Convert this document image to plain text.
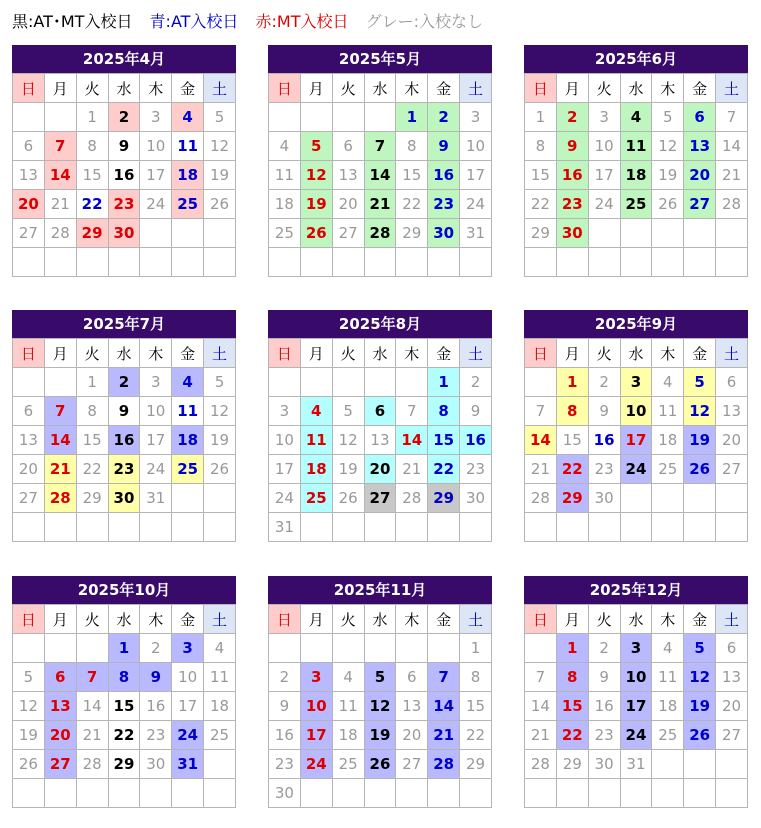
黒:AT･MT入校日 青:AT入校日 赤:MT入校日 グレー:入校なし
2025年4月
日	月	火	水	木	金	土
		1	2	3	4	5
6	7	8	9	10	11	12
13	14	15	16	17	18	19
20	21	22	23	24	25	26
27	28	29	30			

2025年5月
日	月	火	水	木	金	土
				1	2	3
4	5	6	7	8	9	10
11	12	13	14	15	16	17
18	19	20	21	22	23	24
25	26	27	28	29	30	31

2025年6月
日	月	火	水	木	金	土
1	2	3	4	5	6	7
8	9	10	11	12	13	14
15	16	17	18	19	20	21
22	23	24	25	26	27	28
29	30					

2025年7月
日	月	火	水	木	金	土
		1	2	3	4	5
6	7	8	9	10	11	12
13	14	15	16	17	18	19
20	21	22	23	24	25	26
27	28	29	30	31		

2025年8月
日	月	火	水	木	金	土
					1	2
3	4	5	6	7	8	9
10	11	12	13	14	15	16
17	18	19	20	21	22	23
24	25	26	27	28	29	30
31						
2025年9月
日	月	火	水	木	金	土
	1	2	3	4	5	6
7	8	9	10	11	12	13
14	15	16	17	18	19	20
21	22	23	24	25	26	27
28	29	30				

2025年10月
日	月	火	水	木	金	土
			1	2	3	4
5	6	7	8	9	10	11
12	13	14	15	16	17	18
19	20	21	22	23	24	25
26	27	28	29	30	31	

2025年11月
日	月	火	水	木	金	土
						1
2	3	4	5	6	7	8
9	10	11	12	13	14	15
16	17	18	19	20	21	22
23	24	25	26	27	28	29
30						
2025年12月
日	月	火	水	木	金	土
	1	2	3	4	5	6
7	8	9	10	11	12	13
14	15	16	17	18	19	20
21	22	23	24	25	26	27
28	29	30	31			
